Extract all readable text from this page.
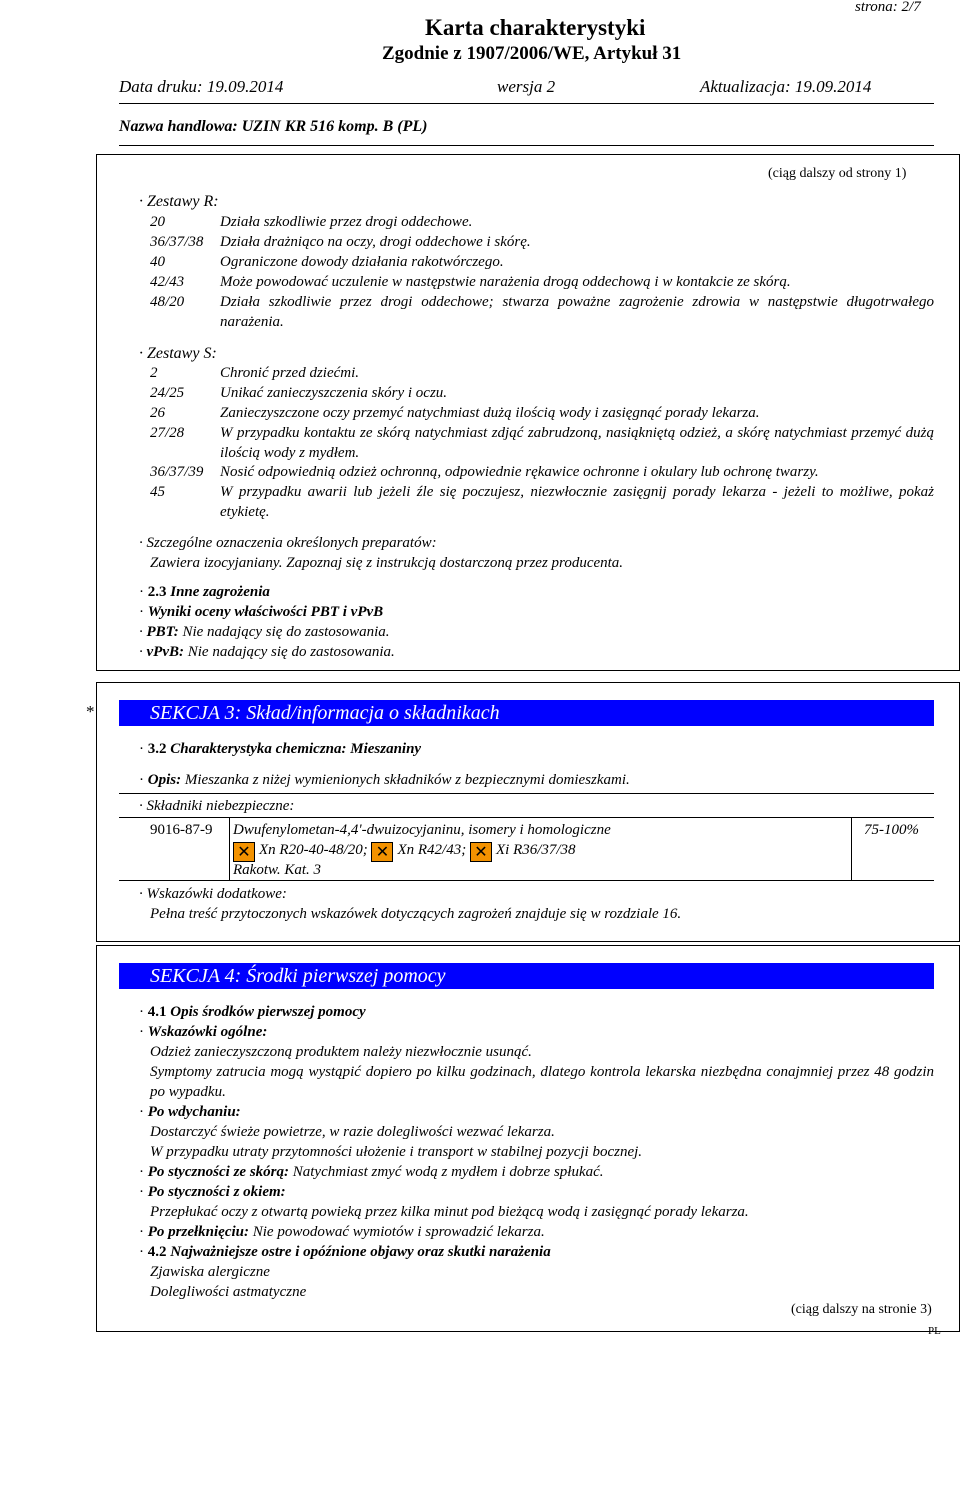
strona: 2/7
Karta charakterystyki
Zgodnie z 1907/2006/WE, Artykuł 31
Data druku: 19.09.2014	wersja 2	Aktualizacja: 19.09.2014
Nazwa handlowa: UZIN KR 516 komp. B (PL)
(ciąg dalszy od strony 1)
· Zestawy R:
20	Działa szkodliwie przez drogi oddechowe.
36/37/38 Działa drażniąco na oczy, drogi oddechowe i skórę.
40	Ograniczone dowody działania rakotwórczego.
42/43 Może powodować uczulenie w następstwie narażenia drogą oddechową i w kontakcie ze skórą.
48/20 Działa szkodliwie przez drogi oddechowe; stwarza poważne zagrożenie zdrowia w następstwie długotrwałego narażenia.
· Zestawy S:
2	Chronić przed dziećmi.
24/25 Unikać zanieczyszczenia skóry i oczu.
26	Zanieczyszczone oczy przemyć natychmiast dużą ilością wody i zasięgnąć porady lekarza.
27/28 W przypadku kontaktu ze skórą natychmiast zdjąć zabrudzoną, nasiąkniętą odzież, a skórę natychmiast przemyć dużą ilością wody z mydłem.
36/37/39 Nosić odpowiednią odzież ochronną, odpowiednie rękawice ochronne i okulary lub ochronę twarzy.
45	W przypadku awarii lub jeżeli źle się poczujesz, niezwłocznie zasięgnij porady lekarza - jeżeli to możliwe, pokaż etykietę.
· Szczególne oznaczenia określonych preparatów:
Zawiera izocyjaniany. Zapoznaj się z instrukcją dostarczoną przez producenta.
· 2.3 Inne zagrożenia
· Wyniki oceny właściwości PBT i vPvB
· PBT: Nie nadający się do zastosowania.
· vPvB: Nie nadający się do zastosowania.
*	SEKCJA 3: Skład/informacja o składnikach
· 3.2 Charakterystyka chemiczna: Mieszaniny
· Opis: Mieszanka z niżej wymienionych składników z bezpiecznymi domieszkami.
· Składniki niebezpieczne:
9016-87-9 Dwufenylometan-4,4'-dwuizocyjaninu, isomery i homologiczne
✕ Xn R20-40-48/20; ✕ Xn R42/43; ✕ Xi R36/37/38
Rakotw. Kat. 3
75-100%
· Wskazówki dodatkowe:
Pełna treść przytoczonych wskazówek dotyczących zagrożeń znajduje się w rozdziale 16.
SEKCJA 4: Środki pierwszej pomocy
· 4.1 Opis środków pierwszej pomocy
· Wskazówki ogólne:
Odzież zanieczyszczoną produktem należy niezwłocznie usunąć.
Symptomy zatrucia mogą wystąpić dopiero po kilku godzinach, dlatego kontrola lekarska niezbędna conajmniej przez 48 godzin po wypadku.
· Po wdychaniu:
Dostarczyć świeże powietrze, w razie dolegliwości wezwać lekarza.
W przypadku utraty przytomności ułożenie i transport w stabilnej pozycji bocznej.
· Po styczności ze skórą: Natychmiast zmyć wodą z mydłem i dobrze spłukać.
· Po styczności z okiem:
Przepłukać oczy z otwartą powieką przez kilka minut pod bieżącą wodą i zasięgnąć porady lekarza.
· Po przełknięciu: Nie powodować wymiotów i sprowadzić lekarza.
· 4.2 Najważniejsze ostre i opóźnione objawy oraz skutki narażenia
Zjawiska alergiczne
Dolegliwości astmatyczne
(ciąg dalszy na stronie 3)
PL
